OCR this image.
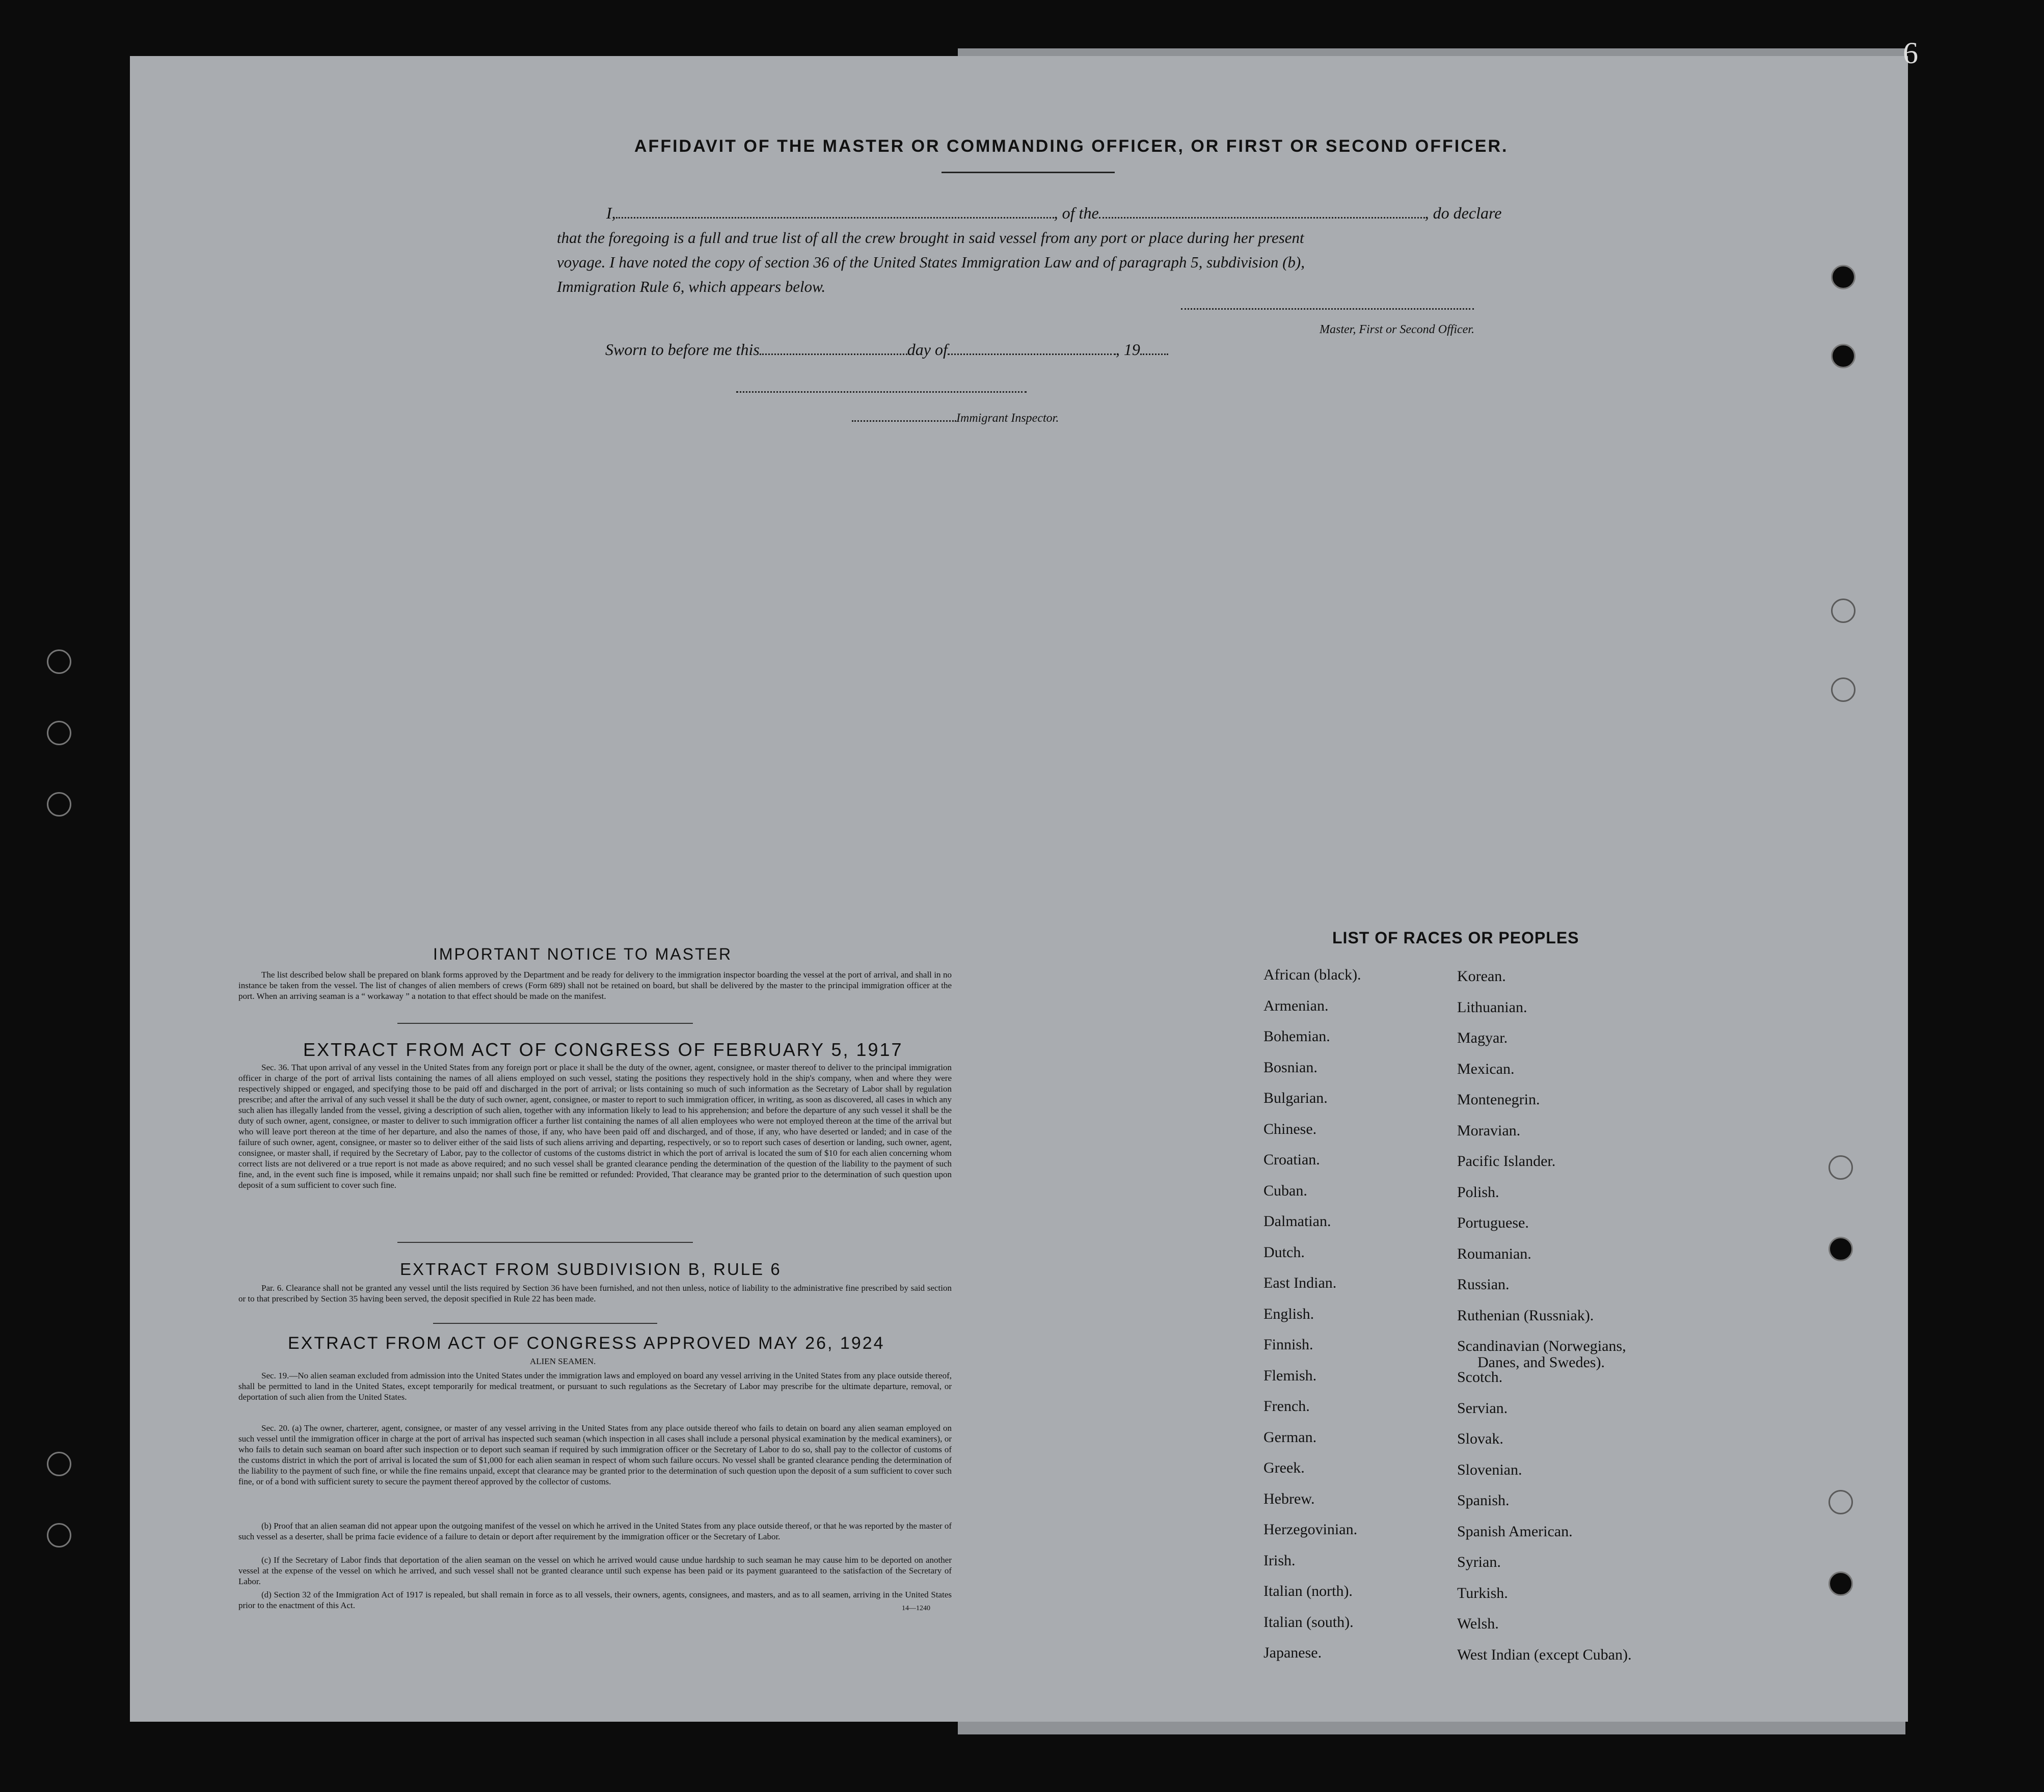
6
AFFIDAVIT OF THE MASTER OR COMMANDING OFFICER, OR FIRST OR SECOND OFFICER.
I,	, of the	, do declare
that the foregoing is a full and true list of all the crew brought in said vessel from any port or place during her present
voyage. I have noted the copy of section 36 of the United States Immigration Law and of paragraph 5, subdivision (b),
Immigration Rule 6, which appears below.
Master, First or Second Officer.
Sworn to before me this	day of	, 19
Immigrant Inspector.
IMPORTANT NOTICE TO MASTER
The list described below shall be prepared on blank forms approved by the Department and be ready for delivery to the immigration inspector boarding the vessel at the port of arrival, and shall in no instance be taken from the vessel. The list of changes of alien members of crews (Form 689) shall not be retained on board, but shall be delivered by the master to the principal immigration officer at the port. When an arriving seaman is a “ workaway ” a notation to that effect should be made on the manifest.
EXTRACT FROM ACT OF CONGRESS OF FEBRUARY 5, 1917
Sec. 36. That upon arrival of any vessel in the United States from any foreign port or place it shall be the duty of the owner, agent, consignee, or master thereof to deliver to the principal immigration officer in charge of the port of arrival lists containing the names of all aliens employed on such vessel, stating the positions they respectively hold in the ship's company, when and where they were respectively shipped or engaged, and specifying those to be paid off and discharged in the port of arrival; or lists containing so much of such information as the Secretary of Labor shall by regulation prescribe; and after the arrival of any such vessel it shall be the duty of such owner, agent, consignee, or master to report to such immigration officer, in writing, as soon as discovered, all cases in which any such alien has illegally landed from the vessel, giving a description of such alien, together with any information likely to lead to his apprehension; and before the departure of any such vessel it shall be the duty of such owner, agent, consignee, or master to deliver to such immigration officer a further list containing the names of all alien employees who were not employed thereon at the time of the arrival but who will leave port thereon at the time of her departure, and also the names of those, if any, who have been paid off and discharged, and of those, if any, who have deserted or landed; and in case of the failure of such owner, agent, consignee, or master so to deliver either of the said lists of such aliens arriving and departing, respectively, or so to report such cases of desertion or landing, such owner, agent, consignee, or master shall, if required by the Secretary of Labor, pay to the collector of customs of the customs district in which the port of arrival is located the sum of $10 for each alien concerning whom correct lists are not delivered or a true report is not made as above required; and no such vessel shall be granted clearance pending the determination of the question of the liability to the payment of such fine, and, in the event such fine is imposed, while it remains unpaid; nor shall such fine be remitted or refunded: Provided, That clearance may be granted prior to the determination of such question upon deposit of a sum sufficient to cover such fine.
EXTRACT FROM SUBDIVISION B, RULE 6
Par. 6. Clearance shall not be granted any vessel until the lists required by Section 36 have been furnished, and not then unless, notice of liability to the administrative fine prescribed by said section or to that prescribed by Section 35 having been served, the deposit specified in Rule 22 has been made.
EXTRACT FROM ACT OF CONGRESS APPROVED MAY 26, 1924
ALIEN SEAMEN.
Sec. 19.—No alien seaman excluded from admission into the United States under the immigration laws and employed on board any vessel arriving in the United States from any place outside thereof, shall be permitted to land in the United States, except temporarily for medical treatment, or pursuant to such regulations as the Secretary of Labor may prescribe for the ultimate departure, removal, or deportation of such alien from the United States.
Sec. 20. (a) The owner, charterer, agent, consignee, or master of any vessel arriving in the United States from any place outside thereof who fails to detain on board any alien seaman employed on such vessel until the immigration officer in charge at the port of arrival has inspected such seaman (which inspection in all cases shall include a personal physical examination by the medical examiners), or who fails to detain such seaman on board after such inspection or to deport such seaman if required by such immigration officer or the Secretary of Labor to do so, shall pay to the collector of customs of the customs district in which the port of arrival is located the sum of $1,000 for each alien seaman in respect of whom such failure occurs. No vessel shall be granted clearance pending the determination of the liability to the payment of such fine, or while the fine remains unpaid, except that clearance may be granted prior to the determination of such question upon the deposit of a sum sufficient to cover such fine, or of a bond with sufficient surety to secure the payment thereof approved by the collector of customs.
(b) Proof that an alien seaman did not appear upon the outgoing manifest of the vessel on which he arrived in the United States from any place outside thereof, or that he was reported by the master of such vessel as a deserter, shall be prima facie evidence of a failure to detain or deport after requirement by the immigration officer or the Secretary of Labor.
(c) If the Secretary of Labor finds that deportation of the alien seaman on the vessel on which he arrived would cause undue hardship to such seaman he may cause him to be deported on another vessel at the expense of the vessel on which he arrived, and such vessel shall not be granted clearance until such expense has been paid or its payment guaranteed to the satisfaction of the Secretary of Labor.
(d) Section 32 of the Immigration Act of 1917 is repealed, but shall remain in force as to all vessels, their owners, agents, consignees, and masters, and as to all seamen, arriving in the United States prior to the enactment of this Act.	14—1240
LIST OF RACES OR PEOPLES
African (black).
Armenian.
Bohemian.
Bosnian.
Bulgarian.
Chinese.
Croatian.
Cuban.
Dalmatian.
Dutch.
East Indian.
English.
Finnish.
Flemish.
French.
German.
Greek.
Hebrew.
Herzegovinian.
Irish.
Italian (north).
Italian (south).
Japanese.
Korean.
Lithuanian.
Magyar.
Mexican.
Montenegrin.
Moravian.
Pacific Islander.
Polish.
Portuguese.
Roumanian.
Russian.
Ruthenian (Russniak).
Scandinavian (Norwegians,
Danes, and Swedes).
Scotch.
Servian.
Slovak.
Slovenian.
Spanish.
Spanish American.
Syrian.
Turkish.
Welsh.
West Indian (except Cuban).
